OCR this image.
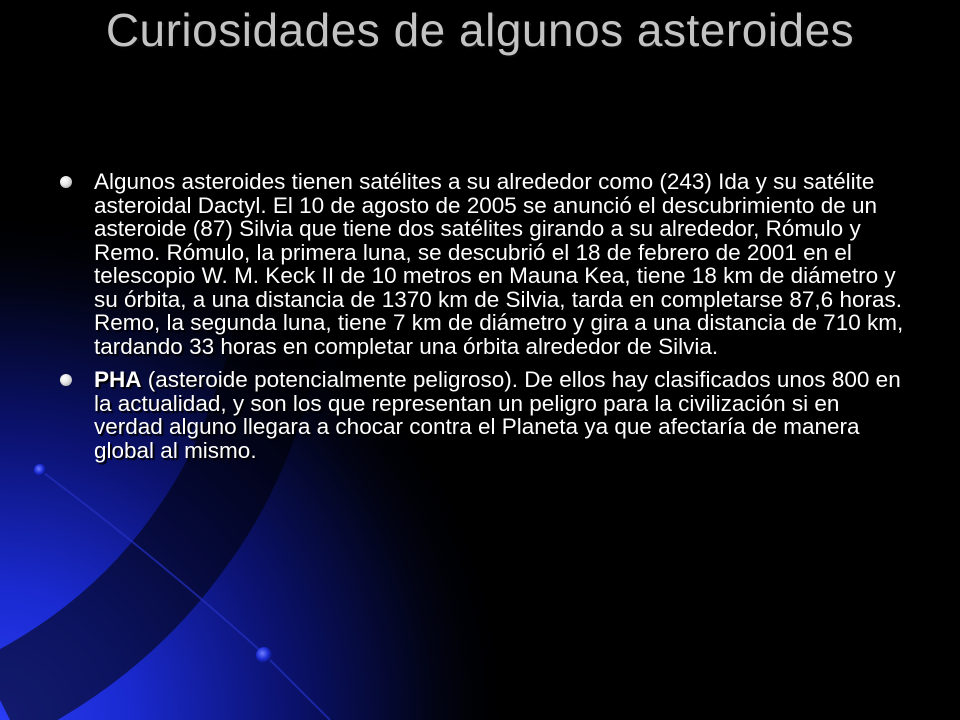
Curiosidades de algunos asteroides
Algunos asteroides tienen satélites a su alrededor como (243) Ida y su satélite asteroidal Dactyl. El 10 de agosto de 2005 se anunció el descubrimiento de un asteroide (87) Silvia que tiene dos satélites girando a su alrededor, Rómulo y Remo. Rómulo, la primera luna, se descubrió el 18 de febrero de 2001 en el telescopio W. M. Keck II de 10 metros en Mauna Kea, tiene 18 km de diámetro y su órbita, a una distancia de 1370 km de Silvia, tarda en completarse 87,6 horas. Remo, la segunda luna, tiene 7 km de diámetro y gira a una distancia de 710 km, tardando 33 horas en completar una órbita alrededor de Silvia.
PHA (asteroide potencialmente peligroso). De ellos hay clasificados unos 800 en la actualidad, y son los que representan un peligro para la civilización si en verdad alguno llegara a chocar contra el Planeta ya que afectaría de manera global al mismo.
